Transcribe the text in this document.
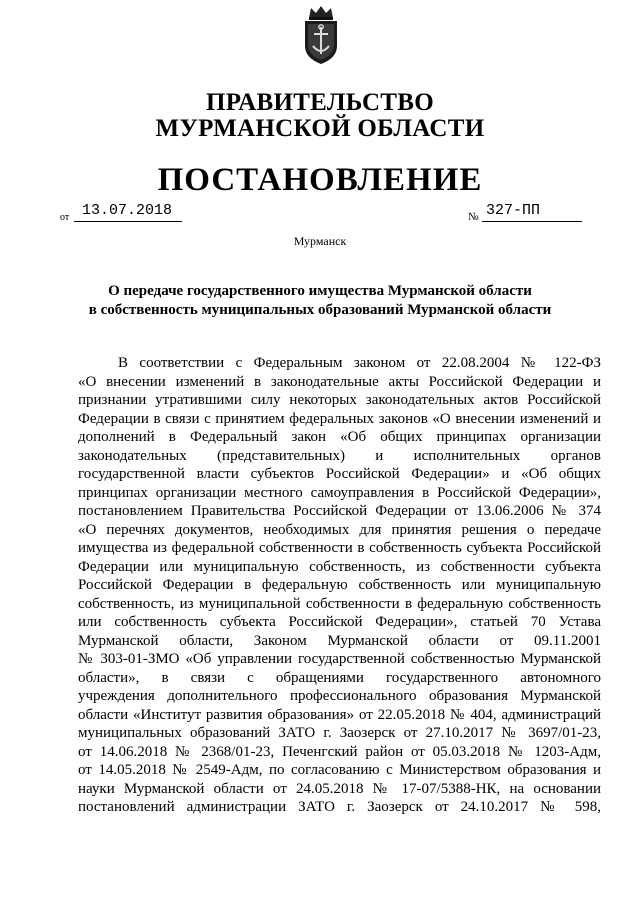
ПРАВИТЕЛЬСТВО
МУРМАНСКОЙ ОБЛАСТИ
ПОСТАНОВЛЕНИЕ
от 13.07.2018	№ 327-ПП
Мурманск
О передаче государственного имущества Мурманской области
в собственность муниципальных образований Мурманской области
В соответствии с Федеральным законом от 22.08.2004 № 122-ФЗ
«О внесении изменений в законодательные акты Российской Федерации и
признании утратившими силу некоторых законодательных актов Российской
Федерации в связи с принятием федеральных законов «О внесении изменений и
дополнений в Федеральный закон «Об общих принципах организации
законодательных (представительных) и исполнительных органов
государственной власти субъектов Российской Федерации» и «Об общих
принципах организации местного самоуправления в Российской Федерации»,
постановлением Правительства Российской Федерации от 13.06.2006 № 374
«О перечнях документов, необходимых для принятия решения о передаче
имущества из федеральной собственности в собственность субъекта Российской
Федерации или муниципальную собственность, из собственности субъекта
Российской Федерации в федеральную собственность или муниципальную
собственность, из муниципальной собственности в федеральную собственность
или собственность субъекта Российской Федерации», статьей 70 Устава
Мурманской области, Законом Мурманской области от 09.11.2001
№ 303-01-ЗМО «Об управлении государственной собственностью Мурманской
области», в связи с обращениями государственного автономного
учреждения дополнительного профессионального образования Мурманской
области «Институт развития образования» от 22.05.2018 № 404, администраций
муниципальных образований ЗАТО г. Заозерск от 27.10.2017 № 3697/01-23,
от 14.06.2018 № 2368/01-23, Печенгский район от 05.03.2018 № 1203-Адм,
от 14.05.2018 № 2549-Адм, по согласованию с Министерством образования и
науки Мурманской области от 24.05.2018 № 17-07/5388-НК, на основании
постановлений администрации ЗАТО г. Заозерск от 24.10.2017 № 598,
